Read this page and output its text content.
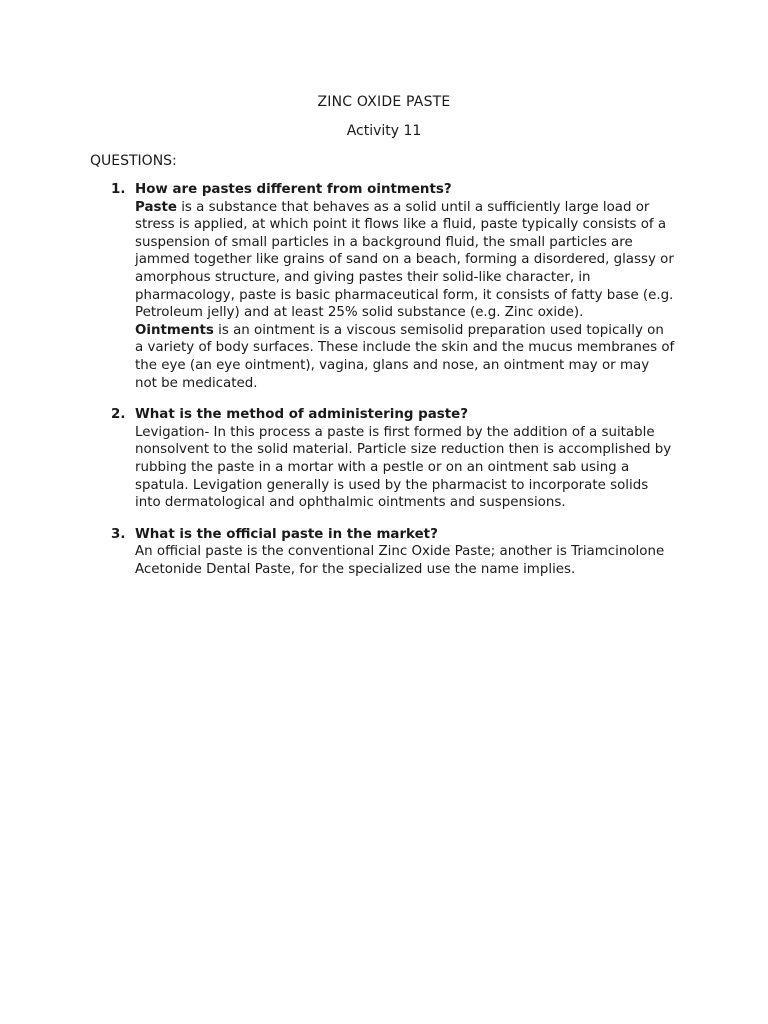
ZINC OXIDE PASTE
Activity 11
QUESTIONS:
1. How are pastes different from ointments?
Paste is a substance that behaves as a solid until a sufficiently large load or stress is applied, at which point it flows like a fluid, paste typically consists of a suspension of small particles in a background fluid, the small particles are jammed together like grains of sand on a beach, forming a disordered, glassy or amorphous structure, and giving pastes their solid-like character, in pharmacology, paste is basic pharmaceutical form, it consists of fatty base (e.g. Petroleum jelly) and at least 25% solid substance (e.g. Zinc oxide).
Ointments is an ointment is a viscous semisolid preparation used topically on a variety of body surfaces. These include the skin and the mucus membranes of the eye (an eye ointment), vagina, glans and nose, an ointment may or may not be medicated.
2. What is the method of administering paste?
Levigation- In this process a paste is first formed by the addition of a suitable nonsolvent to the solid material. Particle size reduction then is accomplished by rubbing the paste in a mortar with a pestle or on an ointment sab using a spatula. Levigation generally is used by the pharmacist to incorporate solids into dermatological and ophthalmic ointments and suspensions.
3. What is the official paste in the market?
An official paste is the conventional Zinc Oxide Paste; another is Triamcinolone Acetonide Dental Paste, for the specialized use the name implies.
